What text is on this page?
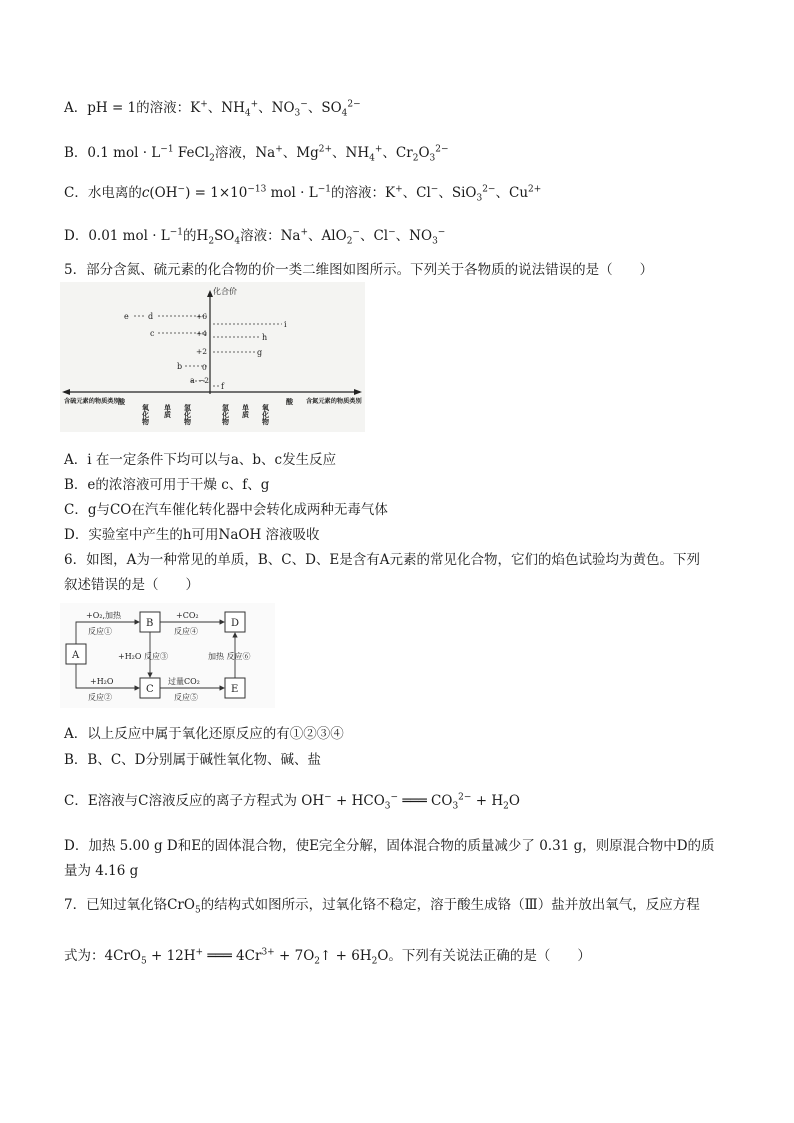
A．pH = 1的溶液：K+、$NH_4^+$、$NO_3^-$、$SO_4^{2-}$
B．0.1 mol · $L^{-1}$ FeCl$_2$溶液，Na+、$Mg^{2+}$、$NH_4^+$、$Cr_2O_3^{2-}$
C．水电离的$c(OH^-) = 1\times 10^{-13}$ mol · $L^{-1}$的溶液：K+、Cl−、SiO$_3^{2-}$、$Cu^{2+}$
D．0.01 mol · $L^{-1}$的$H_2SO_4$溶液：Na+、AlO$_2$−、Cl−、$NO_3^-$
5．部分含氮、硫元素的化合物的价一类二维图如图所示。下列关于各物质的说法错误的是（　　）
化合价
+6
+4
+2
0
−2
e d
c
b
a
f
g
h
i
含硫元素的物质类别
酸
氧化物 单质 氢化物	氢化物 单质 氧化物
酸 含氮元素的物质类别
A．i 在一定条件下均可以与a、b、c发生反应
B．e的浓溶液可用于干燥 c、f、g
C．g与CO在汽车催化转化器中会转化成两种无毒气体
D．实验室中产生的h可用NaOH 溶液吸收
6．如图，A为一种常见的单质，B、C、D、E是含有A元素的常见化合物，它们的焰色试验均为黄色。下列
叙述错误的是（　　）
A
B
C
D
E
+O₂,加热
反应①
+CO₂
反应④
+H₂O
反应②
过量CO₂
反应⑤
+H₂O 反应③	加热 反应⑥
A．以上反应中属于氧化还原反应的有①②③④
B．B、C、D分别属于碱性氧化物、碱、盐
C．E溶液与C溶液反应的离子方程式为 $OH^- + HCO_3^-$ ═══ $CO_3^{2-} + H_2O$
D．加热 5.00 g D和E的固体混合物，使E完全分解，固体混合物的质量减少了 0.31 g，则原混合物中D的质
量为 4.16 g
7．已知过氧化铬CrO$_5$的结构式如图所示，过氧化铬不稳定，溶于酸生成铬（Ⅲ）盐并放出氧气，反应方程
式为：4CrO$_5$ + 12H+ ═══ $4Cr^{3+}$ + $7O_2↑ + 6H_2O$。下列有关说法正确的是（　　）
